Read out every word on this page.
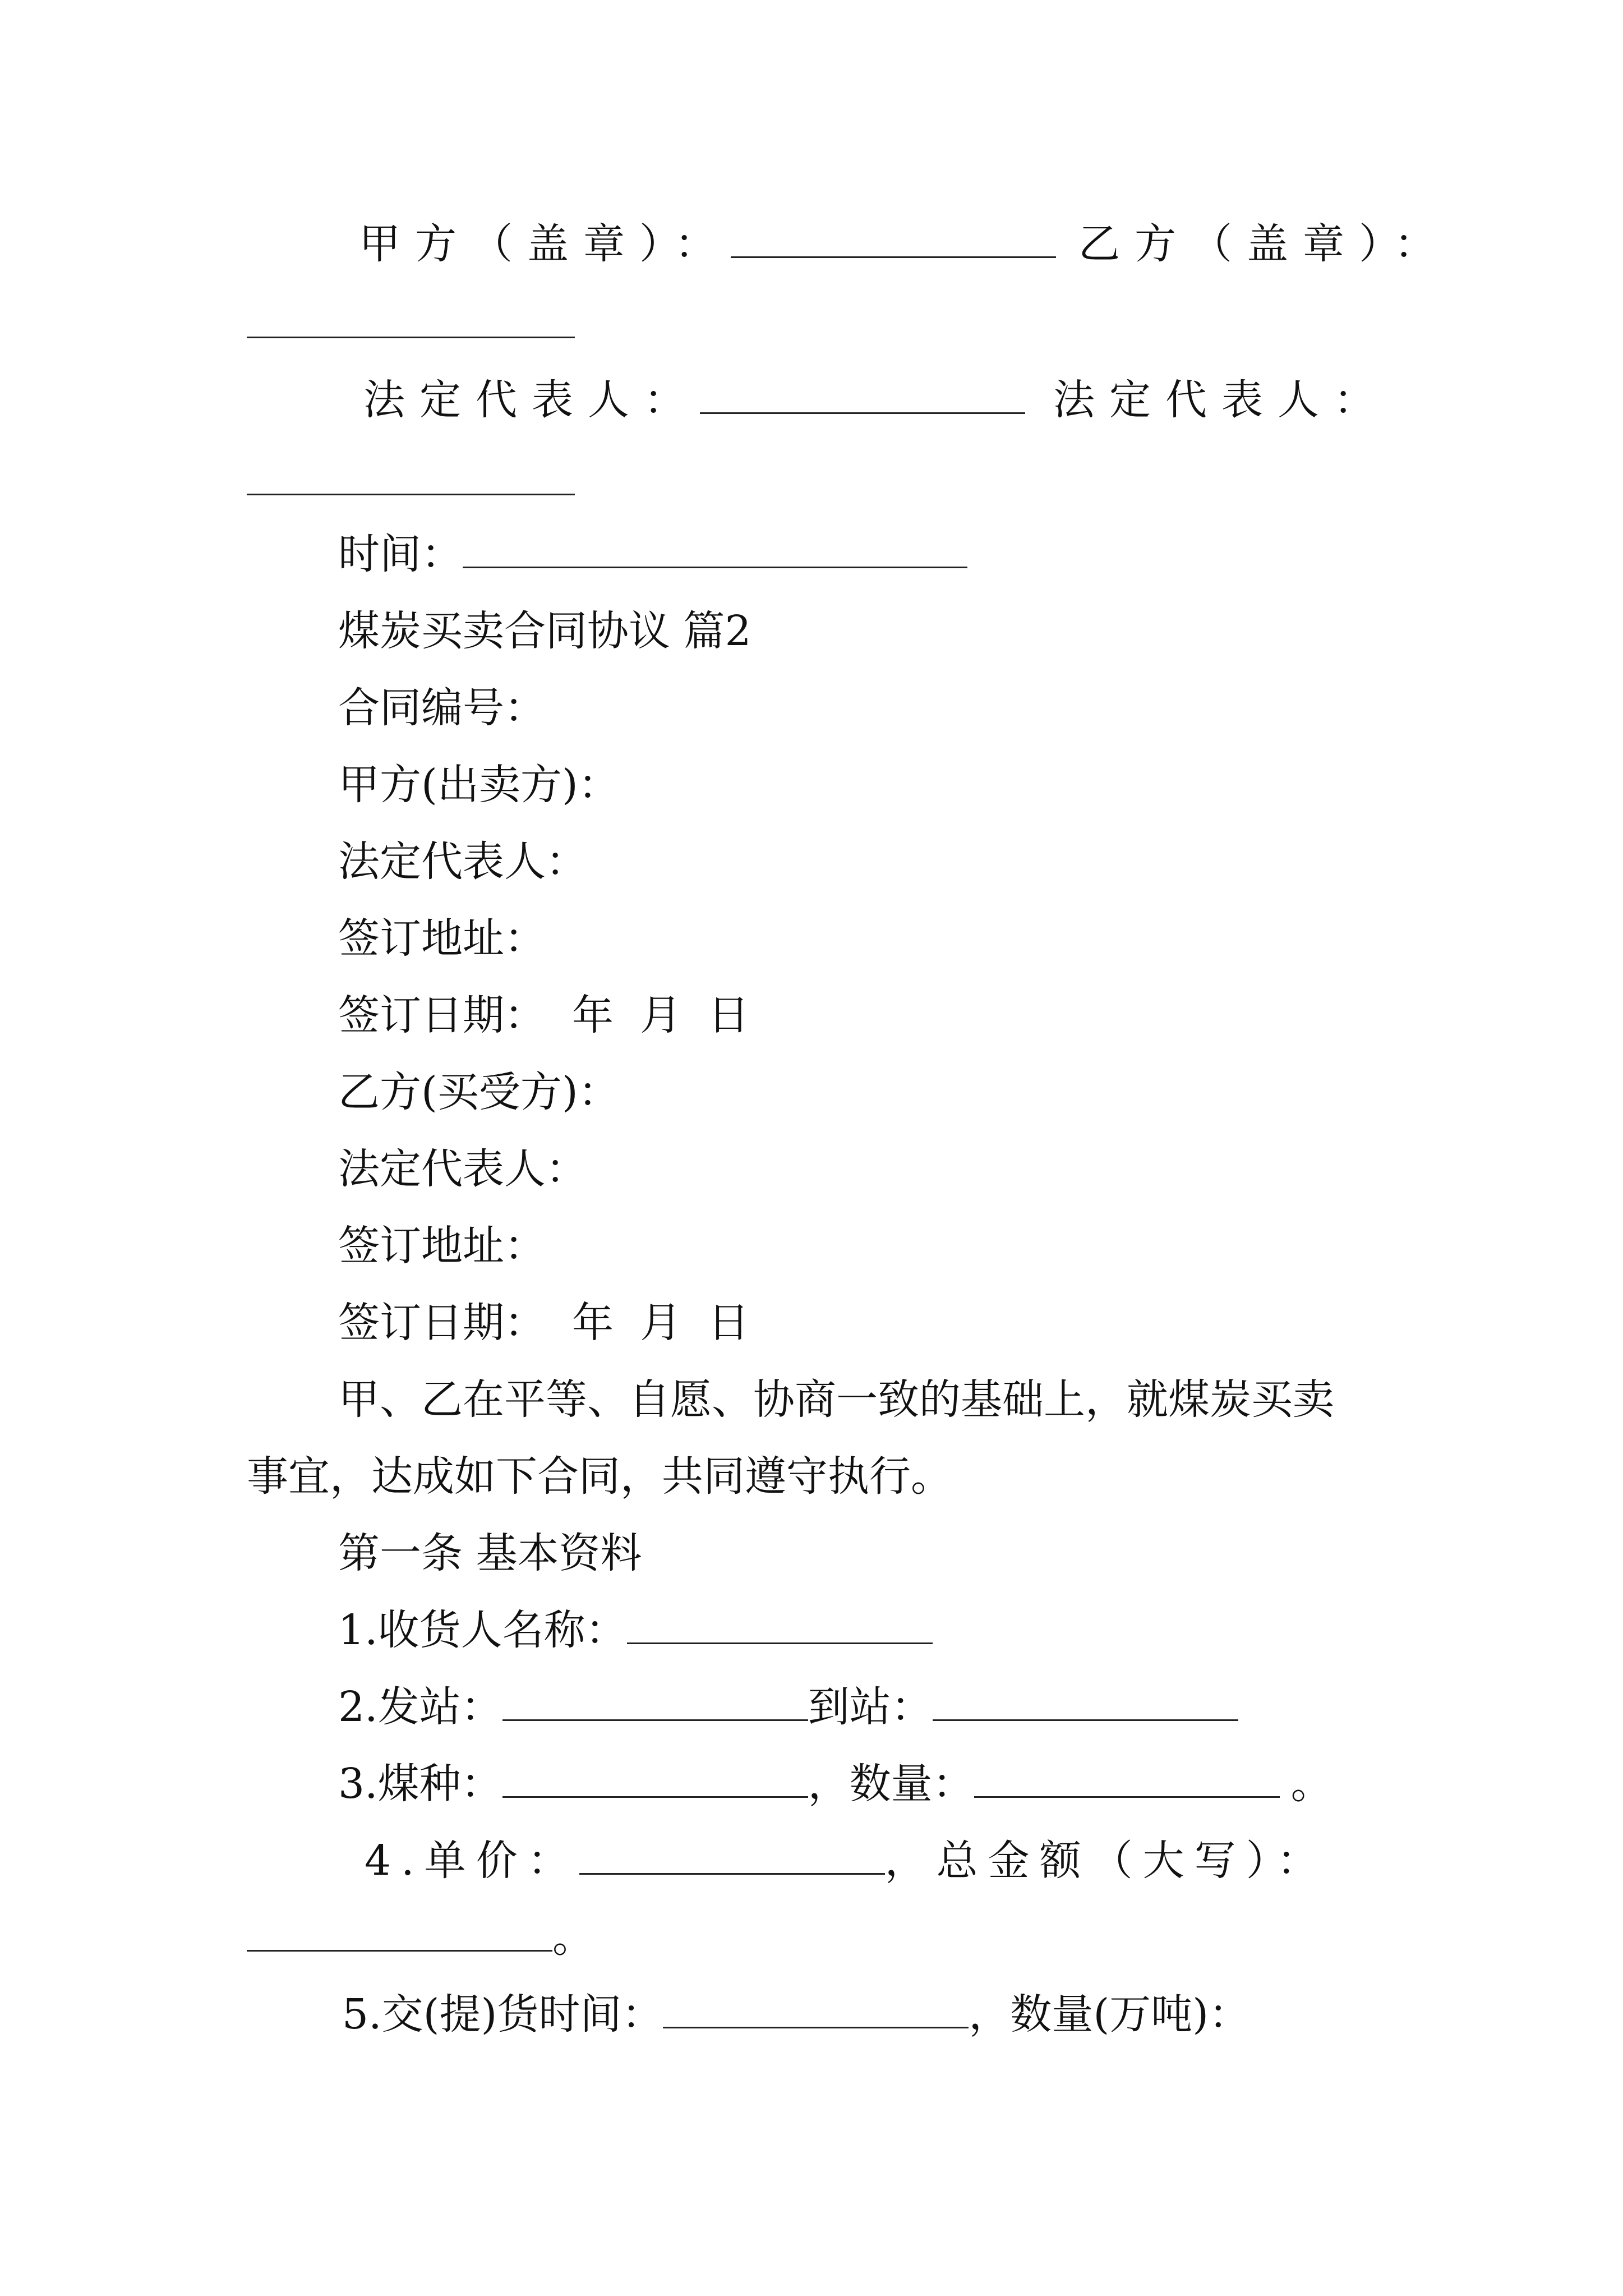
甲方（盖章）：	乙方（盖章）：
法定代表人：	法定代表人：
时间：
煤炭买卖合同协议 篇2
合同编号：
甲方(出卖方)：
法定代表人：
签订地址：
签订日期：  年  月  日
乙方(买受方)：
法定代表人：
签订地址：
签订日期：  年  月  日
甲、乙在平等、自愿、协商一致的基础上，就煤炭买卖
事宜，达成如下合同，共同遵守执行。
第一条 基本资料
1.收货人名称：
2.发站：	到站：
3.煤种：	，数量：	。
4.单价：	，总金额（大写）：
。
5.交(提)货时间：	，数量(万吨)：
